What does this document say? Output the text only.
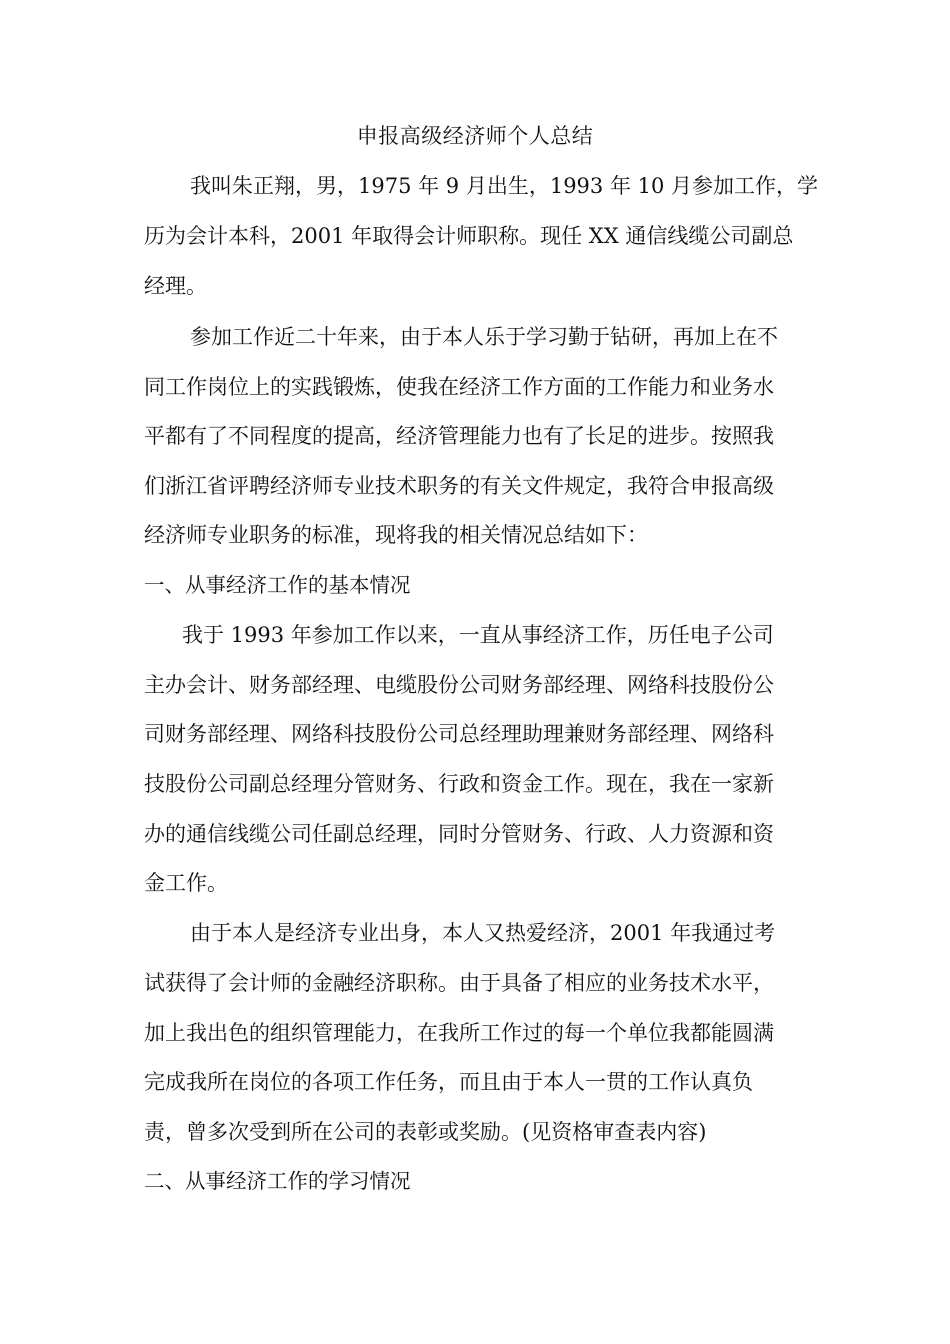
申报高级经济师个人总结
我叫朱正翔，男，1975 年 9 月出生，1993 年 10 月参加工作，学
历为会计本科，2001 年取得会计师职称。现任 XX 通信线缆公司副总
经理。
参加工作近二十年来，由于本人乐于学习勤于钻研，再加上在不
同工作岗位上的实践锻炼，使我在经济工作方面的工作能力和业务水
平都有了不同程度的提高，经济管理能力也有了长足的进步。按照我
们浙江省评聘经济师专业技术职务的有关文件规定，我符合申报高级
经济师专业职务的标准，现将我的相关情况总结如下：
一、从事经济工作的基本情况
我于 1993 年参加工作以来，一直从事经济工作，历任电子公司
主办会计、财务部经理、电缆股份公司财务部经理、网络科技股份公
司财务部经理、网络科技股份公司总经理助理兼财务部经理、网络科
技股份公司副总经理分管财务、行政和资金工作。现在，我在一家新
办的通信线缆公司任副总经理，同时分管财务、行政、人力资源和资
金工作。
由于本人是经济专业出身，本人又热爱经济，2001 年我通过考
试获得了会计师的金融经济职称。由于具备了相应的业务技术水平，
加上我出色的组织管理能力，在我所工作过的每一个单位我都能圆满
完成我所在岗位的各项工作任务，而且由于本人一贯的工作认真负
责，曾多次受到所在公司的表彰或奖励。(见资格审查表内容)
二、从事经济工作的学习情况
